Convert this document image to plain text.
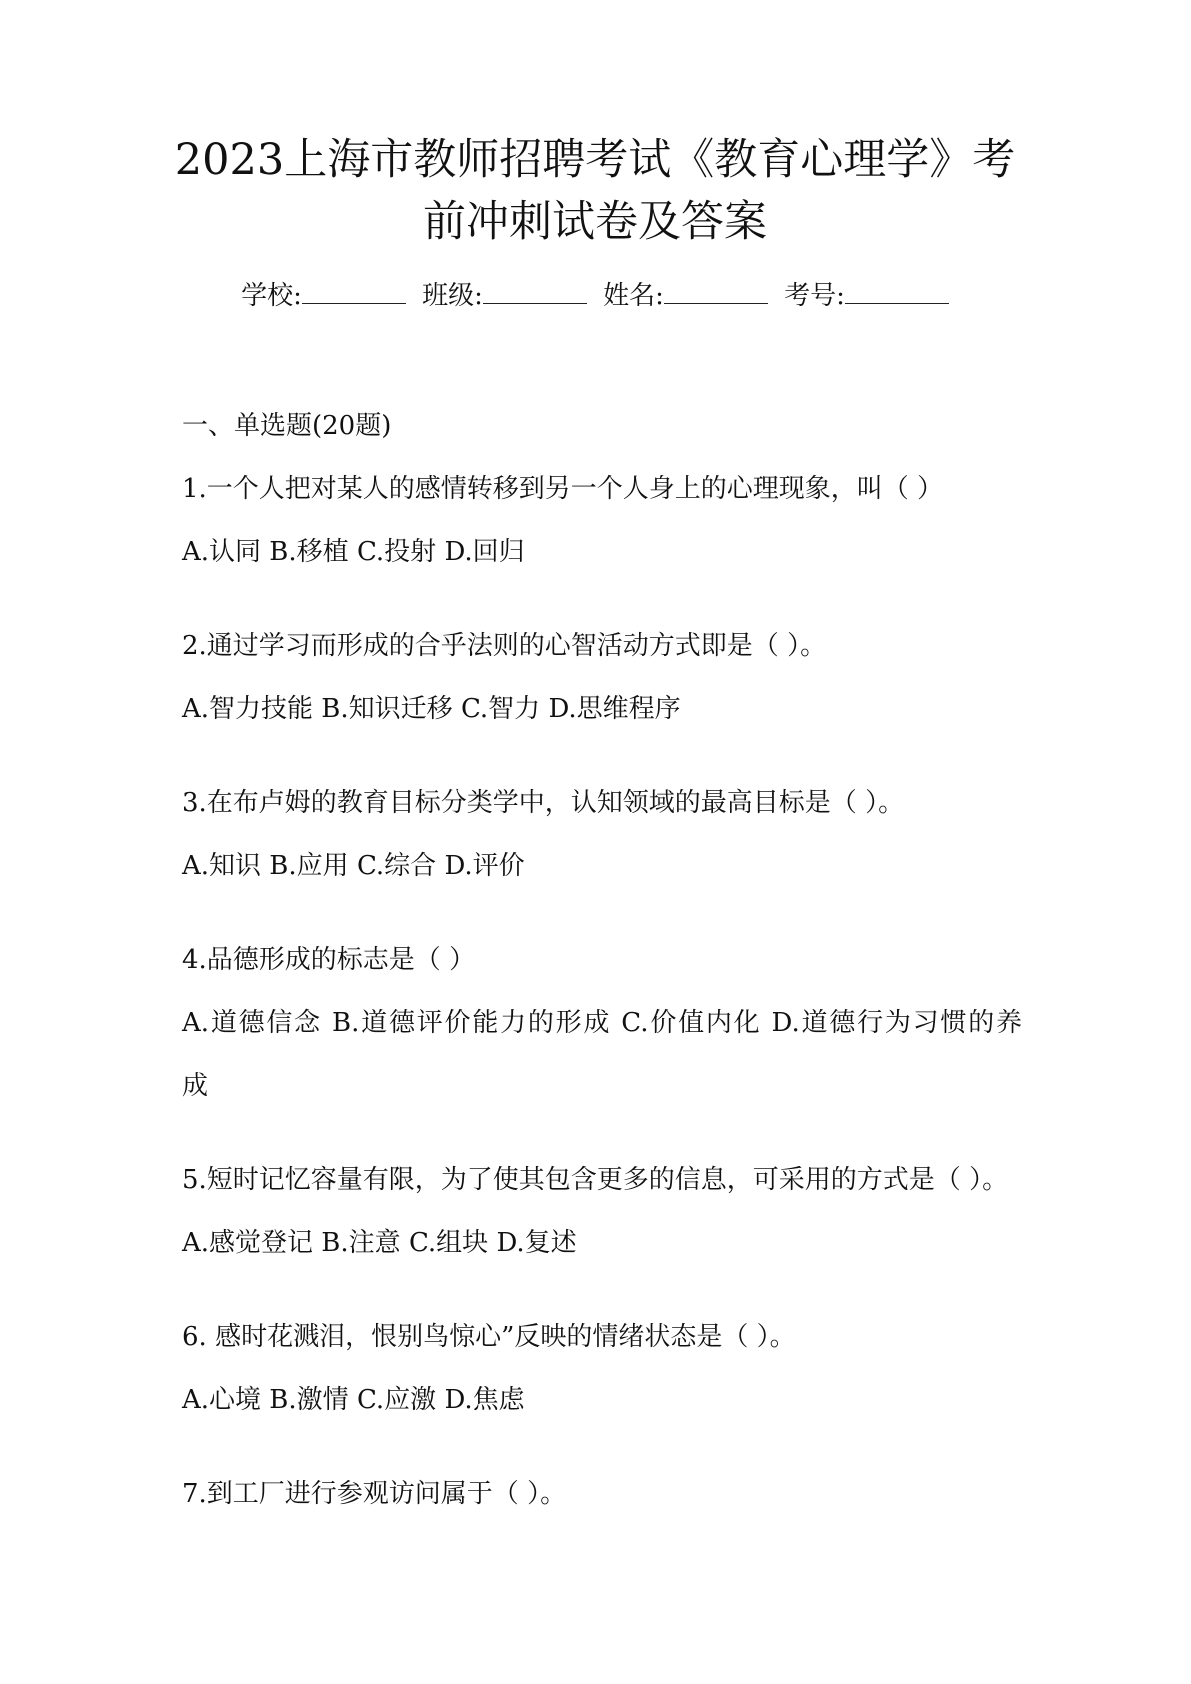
2023上海市教师招聘考试《教育心理学》考
前冲刺试卷及答案
学校:	班级:	姓名:	考号:
一、单选题(20题)
1.一个人把对某人的感情转移到另一个人身上的心理现象，叫（ ）
A.认同 B.移植 C.投射 D.回归
2.通过学习而形成的合乎法则的心智活动方式即是（ ）。
A.智力技能 B.知识迁移 C.智力 D.思维程序
3.在布卢姆的教育目标分类学中，认知领域的最高目标是（ ）。
A.知识 B.应用 C.综合 D.评价
4.品德形成的标志是（ ）
A.道德信念 B.道德评价能力的形成 C.价值内化 D.道德行为习惯的养
成
5.短时记忆容量有限，为了使其包含更多的信息，可采用的方式是（ ）。
A.感觉登记 B.注意 C.组块 D.复述
6. 感时花溅泪，恨别鸟惊心”反映的情绪状态是（ ）。
A.心境 B.激情 C.应激 D.焦虑
7.到工厂进行参观访问属于（ ）。
